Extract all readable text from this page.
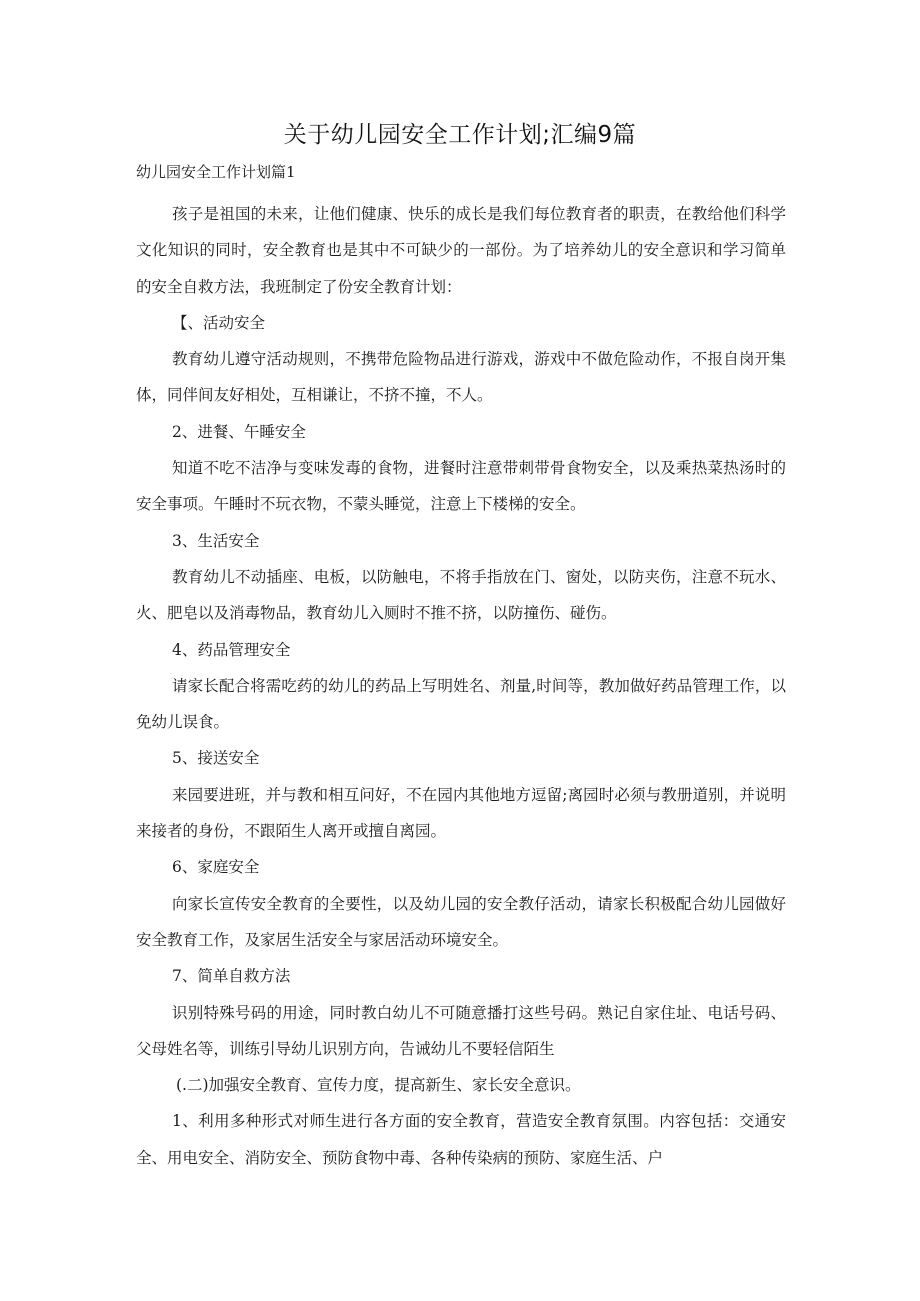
关于幼儿园安全工作计划;汇编9篇
幼儿园安全工作计划篇1

孩子是祖国的未来，让他们健康、快乐的成长是我们每位教育者的职责，在教给他们科学文化知识的同时，安全教育也是其中不可缺少的一部份。为了培养幼儿的安全意识和学习简单的安全自救方法，我班制定了份安全教育计划：

【、活动安全

教育幼儿遵守活动规则，不携带危险物品进行游戏，游戏中不做危险动作，不报自岗开集体，同伴间友好相处，互相谦让，不挤不撞，不人。

2、进餐、午睡安全

知道不吃不洁净与变味发毒的食物，进餐时注意带刺带骨食物安全，以及乘热菜热汤时的安全事项。午睡时不玩衣物，不蒙头睡觉，注意上下楼梯的安全。

3、生活安全

教育幼儿不动插座、电板，以防触电，不将手指放在门、窗处，以防夹伤，注意不玩水、火、肥皂以及消毒物品，教育幼儿入厕时不推不挤，以防撞伤、碰伤。

4、药品管理安全

请家长配合将需吃药的幼儿的药品上写明姓名、剂量,时间等，教加做好药品管理工作，以免幼儿误食。

5、接送安全

来园要进班，并与教和相互问好，不在园内其他地方逗留;离园时必须与教册道别，并说明来接者的身份，不跟陌生人离开或擅自离园。

6、家庭安全

向家长宣传安全教育的全要性，以及幼儿园的安全教仔活动，请家长积极配合幼儿园做好安全教育工作，及家居生活安全与家居活动环境安全。

7、简单自救方法

识别特殊号码的用途，同时教白幼儿不可随意播打这些号码。熟记自家住址、电话号码、父母姓名等，训练引导幼儿识别方向，告诫幼儿不要轻信陌生

(.二)加强安全教育、宣传力度，提高新生、家长安全意识。

1、利用多种形式对师生进行各方面的安全教育，营造安全教育氛围。内容包括：交通安全、用电安全、消防安全、预防食物中毒、各种传染病的预防、家庭生活、户
